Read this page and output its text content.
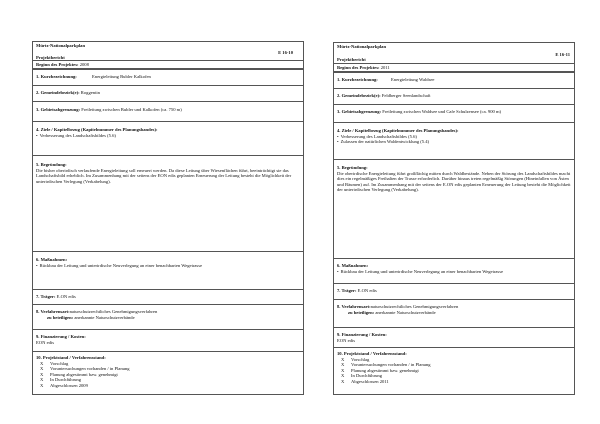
Mürtz-Nationalparkplan
E 16-10
Projektbericht
Beginn des Projektes: 2008
1. Kurzbezeichnung:	Energieleitung Bubler Kalkofen
2. Gemeindebezirk(e): Roggentin
3. Gebietsabgrenzung: Freileitung zwischen Bubler und Kalkofen (ca. 750 m)
4. Ziele / Kapitelbezug (Kapitelnummer des Planungsbandes):
• Verbesserung des Landschaftsbildes (5.6)
5. Begründung:
Die bisher oberirdisch verlaufende Energieleitung soll erneuert werden. Da diese Leitung über Wiesenflächen führt, beeinträchtigt sie das Landschaftsbild erheblich. Im Zusammenhang mit der seitens der EON edis geplanten Erneuerung der Leitung besteht die Möglichkeit der unterirdischen Verlegung (Verkabelung).
6. Maßnahmen:
• Rückbau der Leitung und unterirdische Neuverlegung an einer benachbarten Wegetrasse
7. Träger: E.ON edis
8. Verfahrensart:naturschutzrechtliches Genehmigungsverfahren
zu beteiligen: anerkannte Naturschutzverbände
9. Finanzierung / Kosten:
EON edis
10. Projektstand / Verfahrensstand:
X Vorschlag
X Voruntersuchungen vorhanden / in Planung
X Planung abgestimmt bzw. genehmigt
X In Durchführung
X Abgeschlossen 2009
Mürtz-Nationalparkplan
E 16-11
Projektbericht
Beginn des Projektes: 2011
1. Kurzbezeichnung:	Energieleitung Waldsee
2. Gemeindebezirk(e): Feldberger Seenlandschaft
3. Gebietsabgrenzung: Freileitung zwischen Waldsee und Cafe Schulzensee (ca. 900 m)
4. Ziele / Kapitelbezug (Kapitelnummer des Planungsbandes):
• Verbesserung des Landschaftsbildes (5.6)
• Zulassen der natürlichen Waldentwicklung (5.4)
5. Begründung:
Die oberirdische Energieleitung führt großflächig mitten durch Waldbestände. Neben der Störung des Landschaftsbildes macht dies ein regelmäßiges Freihalten der Trasse erforderlich. Darüber hinaus treten regelmäßig Störungen (Hineinfallen von Ästen und Bäumen) auf. Im Zusammenhang mit der seitens der E.ON edis geplanten Erneuerung der Leitung besteht die Möglichkeit der unterirdischen Verlegung (Verkabelung).
6. Maßnahmen:
• Rückbau der Leitung und unterirdische Neuverlegung an einer benachbarten Wegetrasse
7. Träger: E.ON edis
8. Verfahrensart:naturschutzrechtliches Genehmigungsverfahren
zu beteiligen: anerkannte Naturschutzverbände
9. Finanzierung / Kosten:
EON edis
10. Projektstand / Verfahrensstand:
X Vorschlag
X Voruntersuchungen vorhanden / in Planung
X Planung abgestimmt bzw. genehmigt
X In Durchführung
X Abgeschlossen 2011
